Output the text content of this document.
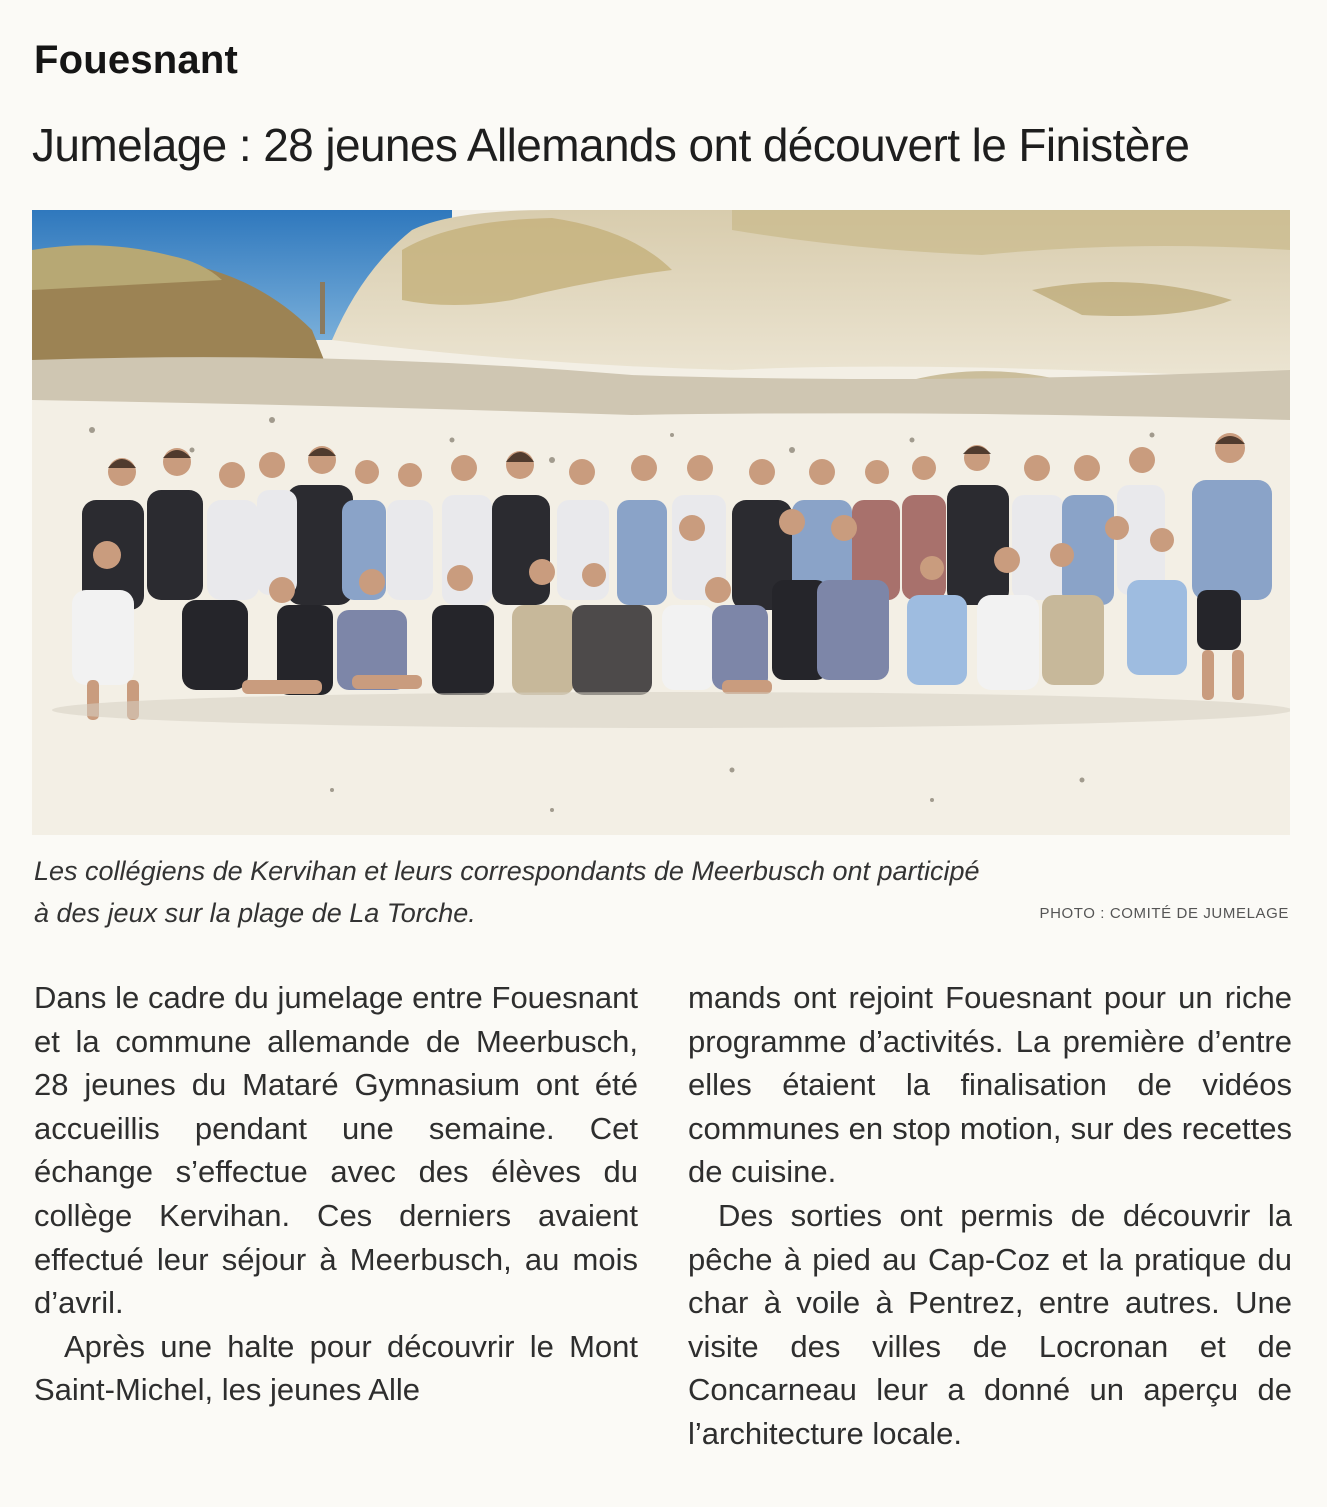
Fouesnant
Jumelage : 28 jeunes Allemands ont découvert le Finistère

Les collégiens de Kervihan et leurs correspondants de Meerbusch ont participé
à des jeux sur la plage de La Torche.	PHOTO : COMITÉ DE JUMELAGE

Dans le cadre du jumelage entre Fouesnant et la commune allemande de Meerbusch, 28 jeunes du Mataré Gymnasium ont été accueillis pendant une semaine. Cet échange s’effectue avec des élèves du collège Kervihan. Ces derniers avaient effectué leur séjour à Meerbusch, au mois d’avril.

Après une halte pour découvrir le Mont Saint-Michel, les jeunes Alle

mands ont rejoint Fouesnant pour un riche programme d’activités. La première d’entre elles étaient la finalisation de vidéos communes en stop motion, sur des recettes de cuisine.

Des sorties ont permis de découvrir la pêche à pied au Cap-Coz et la pratique du char à voile à Pentrez, entre autres. Une visite des villes de Locronan et de Concarneau leur a donné un aperçu de l’architecture locale.
